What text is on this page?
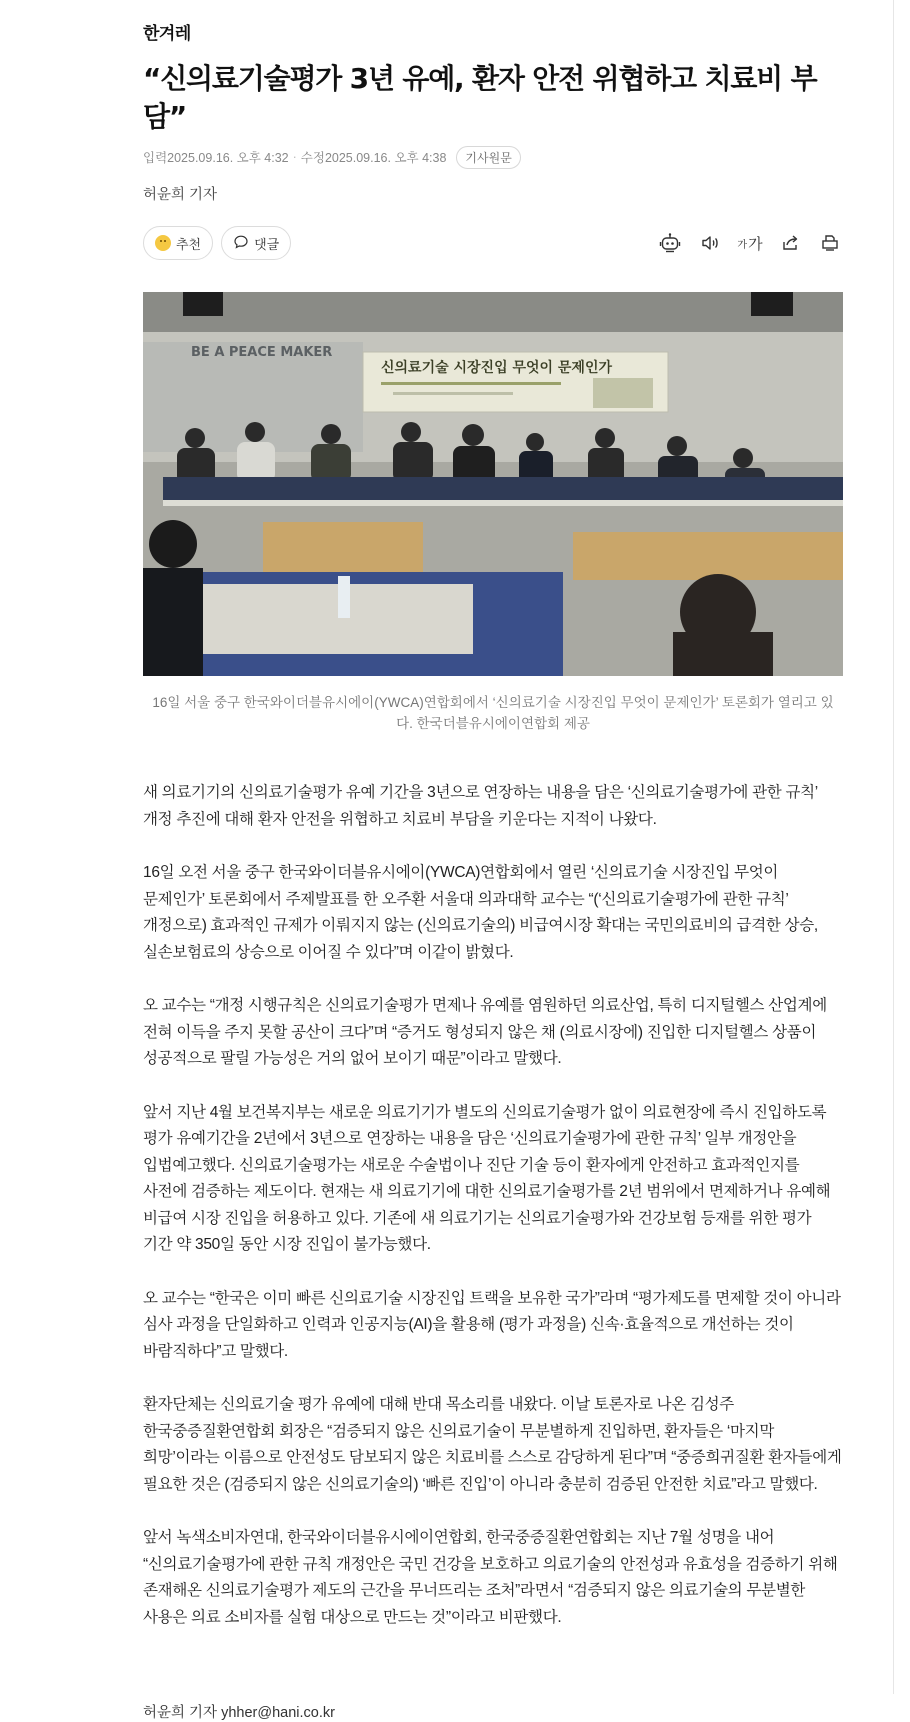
한겨레
“신의료기술평가 3년 유예, 환자 안전 위협하고 치료비 부담”
입력 2025.09.16. 오후 4:32 · 수정 2025.09.16. 오후 4:38	기사원문
허윤희 기자
추천	댓글	가 가
BE A PEACE MAKER
신의료기술 시장진입 무엇이 문제인가
16일 서울 중구 한국와이더블유시에이(YWCA)연합회에서 ‘신의료기술 시장진입 무엇이 문제인가’ 토론회가 열리고 있다. 한국더블유시에이연합회 제공

새 의료기기의 신의료기술평가 유예 기간을 3년으로 연장하는 내용을 담은 ‘신의료기술평가에 관한 규칙’ 개정 추진에 대해 환자 안전을 위협하고 치료비 부담을 키운다는 지적이 나왔다.

16일 오전 서울 중구 한국와이더블유시에이(YWCA)연합회에서 열린 ‘신의료기술 시장진입 무엇이 문제인가’ 토론회에서 주제발표를 한 오주환 서울대 의과대학 교수는 “(‘신의료기술평가에 관한 규칙’ 개정으로) 효과적인 규제가 이뤄지지 않는 (신의료기술의) 비급여시장 확대는 국민의료비의 급격한 상승, 실손보험료의 상승으로 이어질 수 있다”며 이같이 밝혔다.

오 교수는 “개정 시행규칙은 신의료기술평가 면제나 유예를 염원하던 의료산업, 특히 디지털헬스 산업계에 전혀 이득을 주지 못할 공산이 크다”며 “증거도 형성되지 않은 채 (의료시장에) 진입한 디지털헬스 상품이 성공적으로 팔릴 가능성은 거의 없어 보이기 때문”이라고 말했다.

앞서 지난 4월 보건복지부는 새로운 의료기기가 별도의 신의료기술평가 없이 의료현장에 즉시 진입하도록 평가 유예기간을 2년에서 3년으로 연장하는 내용을 담은 ‘신의료기술평가에 관한 규칙’ 일부 개정안을 입법예고했다. 신의료기술평가는 새로운 수술법이나 진단 기술 등이 환자에게 안전하고 효과적인지를 사전에 검증하는 제도이다. 현재는 새 의료기기에 대한 신의료기술평가를 2년 범위에서 면제하거나 유예해 비급여 시장 진입을 허용하고 있다. 기존에 새 의료기기는 신의료기술평가와 건강보험 등재를 위한 평가 기간 약 350일 동안 시장 진입이 불가능했다.

오 교수는 “한국은 이미 빠른 신의료기술 시장진입 트랙을 보유한 국가”라며 “평가제도를 면제할 것이 아니라 심사 과정을 단일화하고 인력과 인공지능(AI)을 활용해 (평가 과정을) 신속·효율적으로 개선하는 것이 바람직하다”고 말했다.

환자단체는 신의료기술 평가 유예에 대해 반대 목소리를 내왔다. 이날 토론자로 나온 김성주 한국중증질환연합회 회장은 “검증되지 않은 신의료기술이 무분별하게 진입하면, 환자들은 ‘마지막 희망’이라는 이름으로 안전성도 담보되지 않은 치료비를 스스로 감당하게 된다”며 “중증희귀질환 환자들에게 필요한 것은 (검증되지 않은 신의료기술의) ‘빠른 진입’이 아니라 충분히 검증된 안전한 치료”라고 말했다.

앞서 녹색소비자연대, 한국와이더블유시에이연합회, 한국중증질환연합회는 지난 7월 성명을 내어 “신의료기술평가에 관한 규칙 개정안은 국민 건강을 보호하고 의료기술의 안전성과 유효성을 검증하기 위해 존재해온 신의료기술평가 제도의 근간을 무너뜨리는 조처”라면서 “검증되지 않은 의료기술의 무분별한 사용은 의료 소비자를 실험 대상으로 만드는 것”이라고 비판했다.

허윤희 기자 yhher@hani.co.kr
